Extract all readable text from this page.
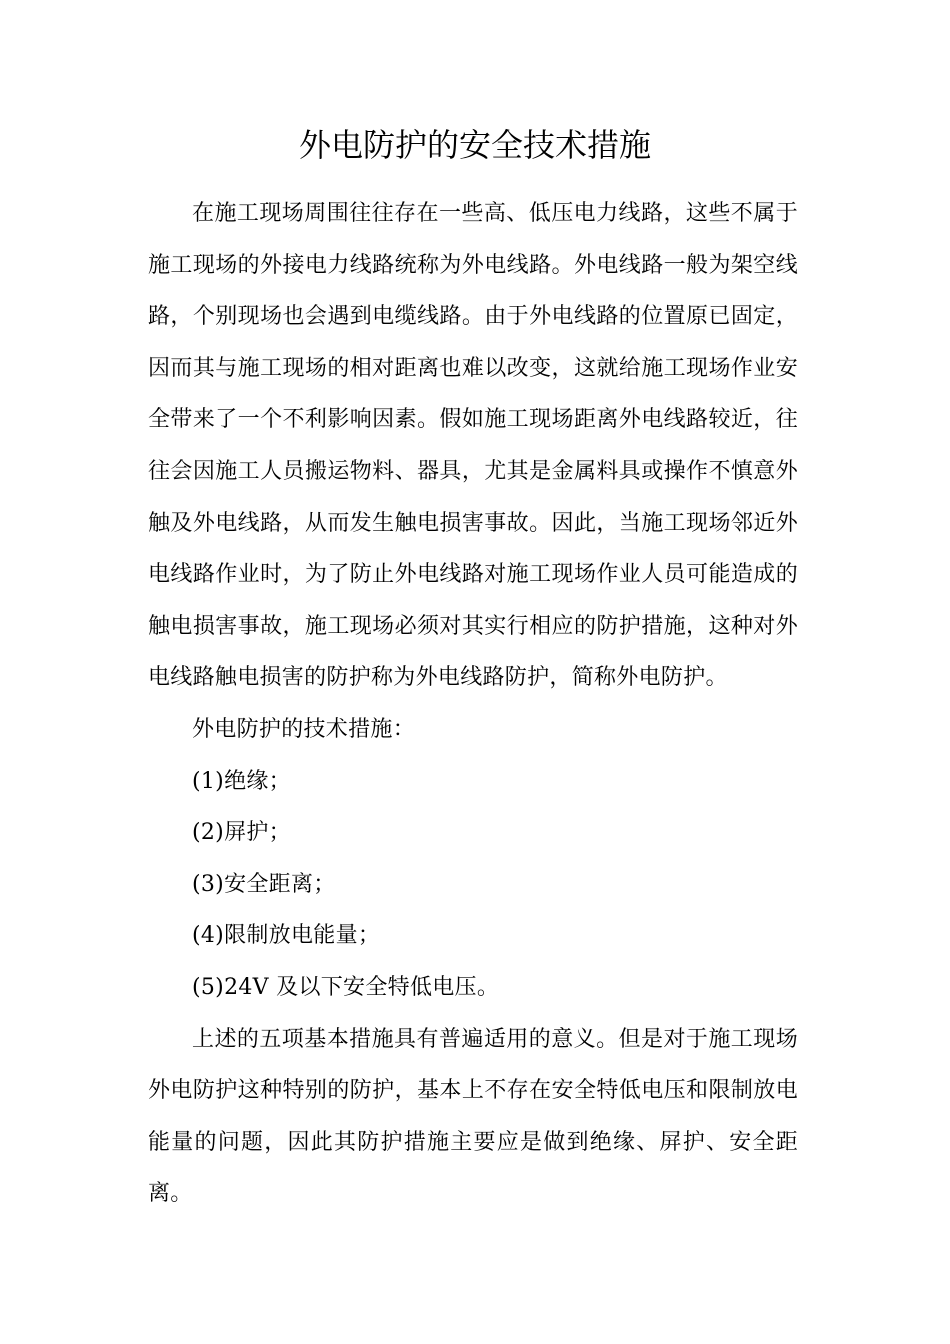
外电防护的安全技术措施

在施工现场周围往往存在一些高、低压电力线路，这些不属于施工现场的外接电力线路统称为外电线路。外电线路一般为架空线路，个别现场也会遇到电缆线路。由于外电线路的位置原已固定，因而其与施工现场的相对距离也难以改变，这就给施工现场作业安全带来了一个不利影响因素。假如施工现场距离外电线路较近，往往会因施工人员搬运物料、器具，尤其是金属料具或操作不慎意外触及外电线路，从而发生触电损害事故。因此，当施工现场邻近外电线路作业时，为了防止外电线路对施工现场作业人员可能造成的触电损害事故，施工现场必须对其实行相应的防护措施，这种对外电线路触电损害的防护称为外电线路防护，简称外电防护。

外电防护的技术措施：

(1)绝缘；

(2)屏护；

(3)安全距离；

(4)限制放电能量；

(5)24V 及以下安全特低电压。

上述的五项基本措施具有普遍适用的意义。但是对于施工现场外电防护这种特别的防护，基本上不存在安全特低电压和限制放电能量的问题，因此其防护措施主要应是做到绝缘、屏护、安全距离。
